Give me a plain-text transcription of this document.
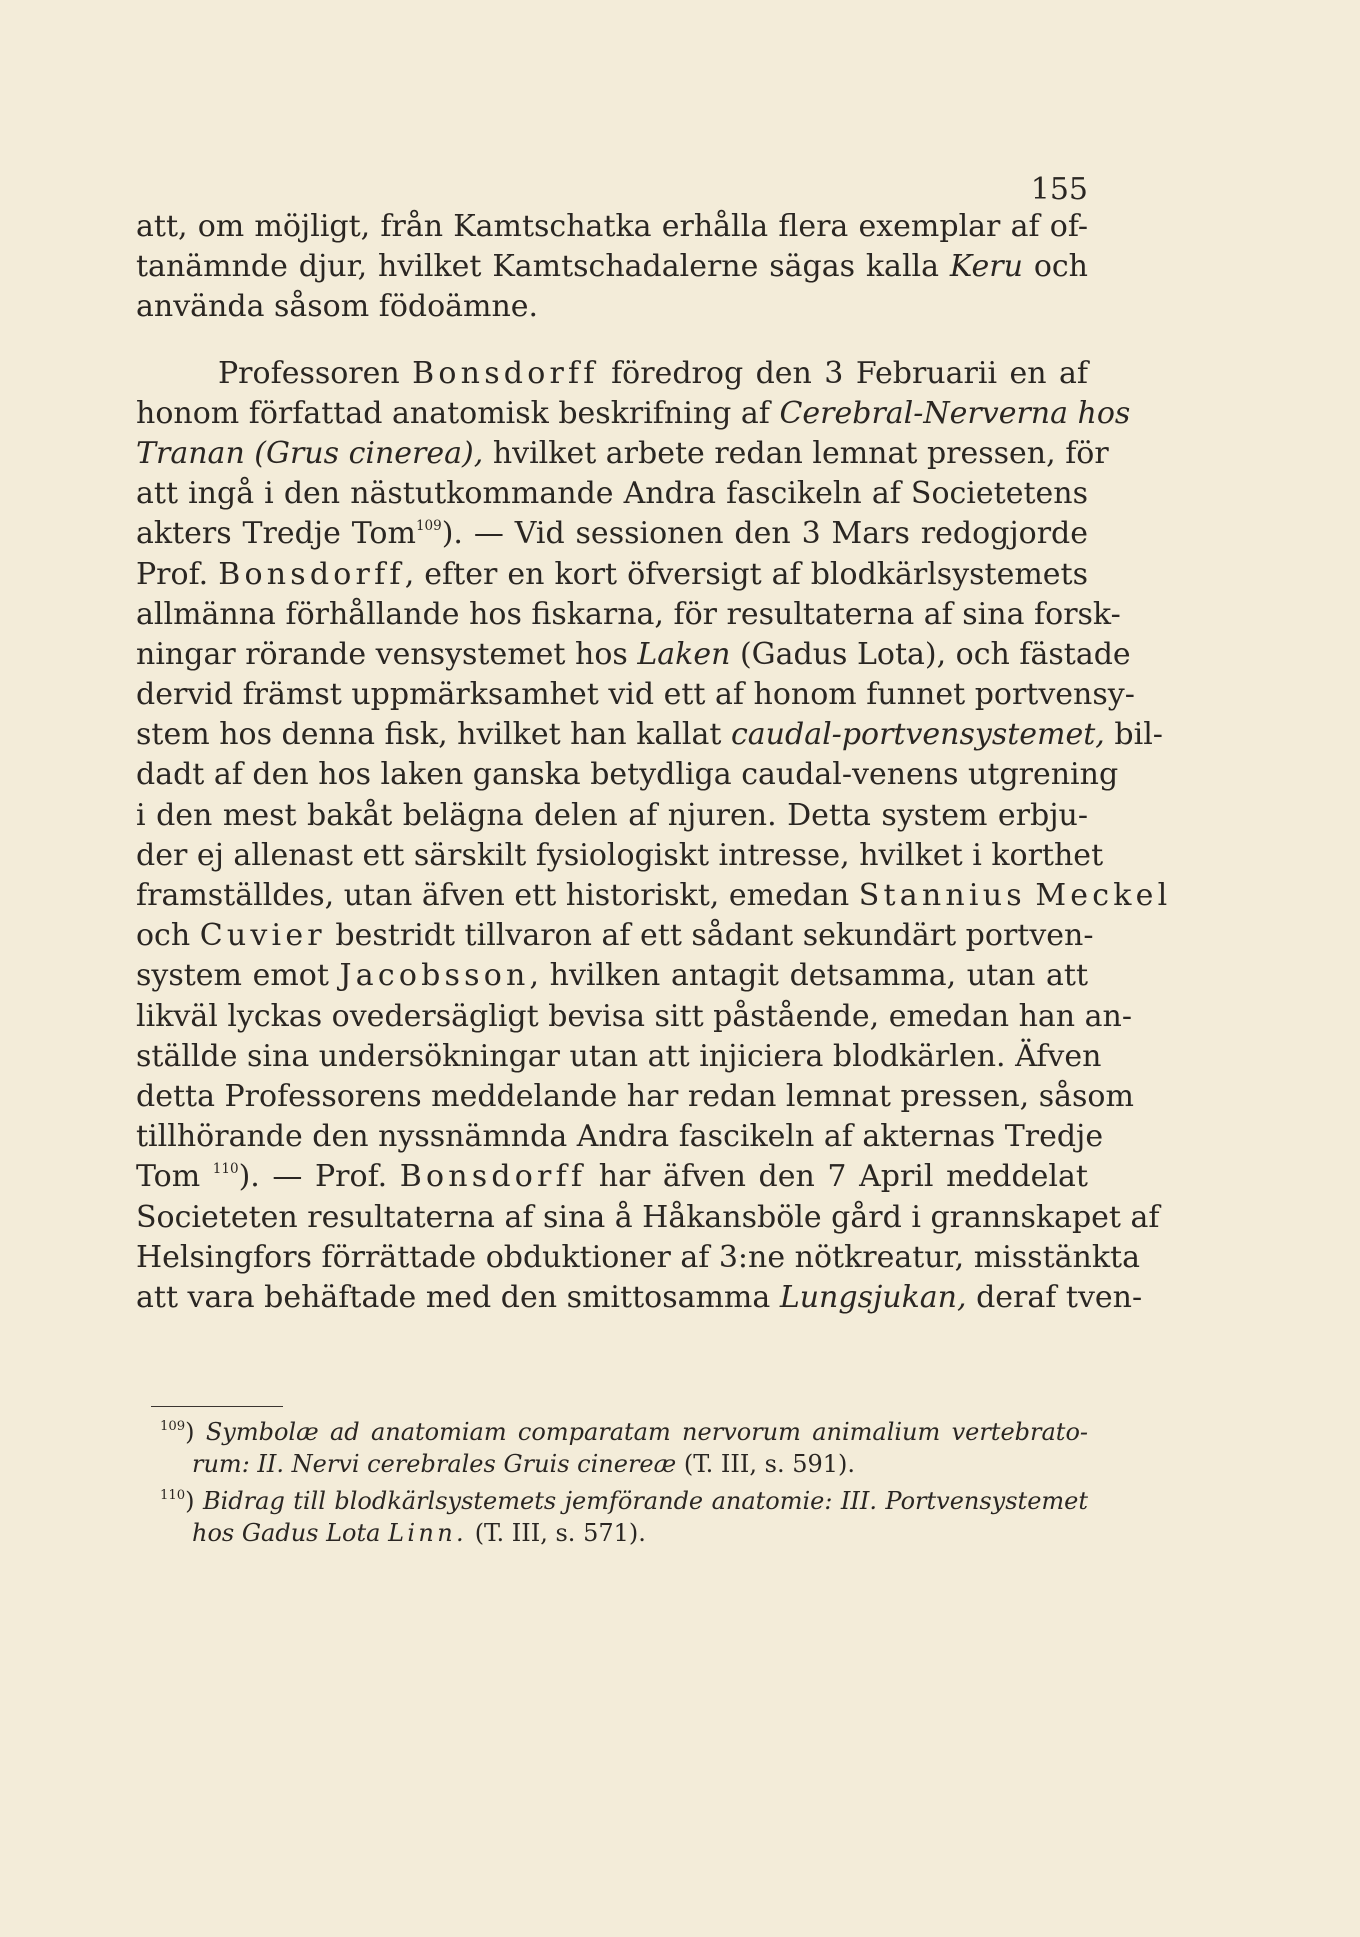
155
att, om möjligt, från Kamtschatka erhålla flera exemplar af of-
tanämnde djur, hvilket Kamtschadalerne sägas kalla Keru och
användа såsom födoämne.
Professoren Bonsdorff föredrog den 3 Februarii en af
honom författad anatomisk beskrifning af Cerebral-Nerverna hos
Tranan (Grus cinerea), hvilket arbete redan lemnat pressen, för
att ingå i den nästutkommande Andra fascikeln af Societetens
akters Tredje Tom$^{109}$). — Vid sessionen den 3 Mars redogjorde
Prof. Bonsdorff, efter en kort öfversigt af blodkärlsystemets
allmänna förhållande hos fiskarna, för resultaterna af sina forsk-
ningar rörande vensystemet hos Laken (Gadus Lota), och fästade
dervid främst uppmärksamhet vid ett af honom funnet portvensy-
stem hos denna fisk, hvilket han kallat caudal-portvensystemet, bil-
dadt af den hos laken ganska betydliga caudal-venens utgrening
i den mest bakåt belägna delen af njuren. Detta system erbju-
der ej allenast ett särskilt fysiologiskt intresse, hvilket i korthet
framställdes, utan äfven ett historiskt, emedan Stannius Meckel
och Cuvier bestridt tillvaron af ett sådant sekundärt portven-
system emot Jacobsson, hvilken antagit detsamma, utan att
likväl lyckas ovedersägligt bevisa sitt påstående, emedan han an-
ställde sina undersökningar utan att injiciera blodkärlen. Äfven
detta Professorens meddelande har redan lemnat pressen, såsom
tillhörande den nyssnämnda Andra fascikeln af akternas Tredje
Tom $^{110}$). — Prof. Bonsdorff har äfven den 7 April meddelat
Societeten resultaterna af sina å Håkansböle gård i grannskapet af
Helsingfors förrättade obduktioner af 3:ne nötkreatur, misstänkta
att vara behäftade med den smittosamma Lungsjukan, deraf tven-
$^{109}$) Symbolæ ad anatomiam comparatam nervorum animalium vertebrato-
rum: II. Nervi cerebrales Gruis cinereæ (T. III, s. 591).
$^{110}$) Bidrag till blodkärlsystemets jemförande anatomie: III. Portvensystemet
hos Gadus Lota Linn. (T. III, s. 571).
